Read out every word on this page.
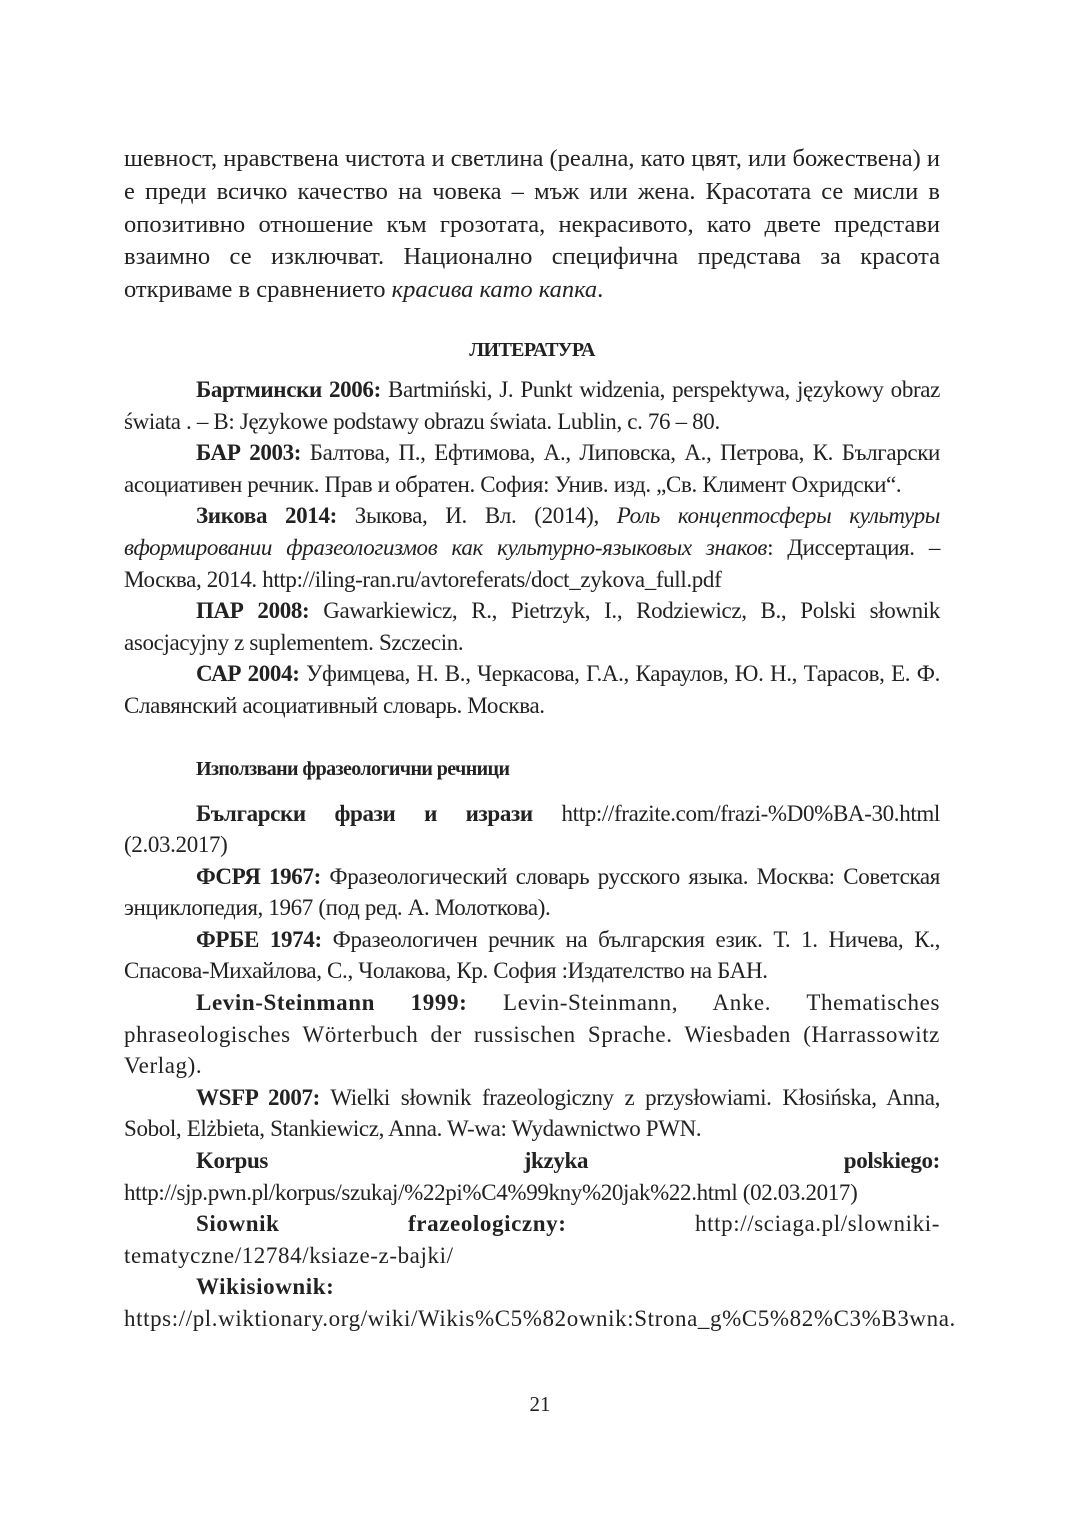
шевност, нравствена чистота и светлина (реална, като цвят, или божествена) и е преди всичко качество на човека – мъж или жена. Красотата се мисли в опозитивно отношение към грозотата, некрасивото, като двете представи взаимно се изключват. Национално специфична представа за красота откриваме в сравнението красива като капка.

ЛИТЕРАТУРА

Бартмински 2006: Bartmiński, J. Punkt widzenia, perspektywa, językowy obraz świata . – В: Językowe podstawy obrazu świata. Lublin, с. 76 – 80.

БАР 2003: Балтова, П., Ефтимова, А., Липовска, А., Петрова, К. Български асоциативен речник. Прав и обратен. София: Унив. изд. „Св. Климент Охридски“.

Зикова 2014: Зыкова, И. Вл. (2014), Роль концептосферы культуры вформировании фразеологизмов как культурно-языковых знаков: Диссертация. – Москва, 2014. http://iling-ran.ru/avtoreferats/doct_zykova_full.pdf

ПАР 2008: Gawarkiewicz, R., Pietrzyk, I., Rodziewicz, B., Polski słownik asocjacyjny z suplementem. Szczecin.

САР 2004: Уфимцева, Н. В., Черкасова, Г.А., Караулов, Ю. Н., Тарасов, Е. Ф. Славянский асоциативный словарь. Москва.

Използвани фразеологични речници

Български фрази и изрази http://frazite.com/frazi-%D0%BA-30.html (2.03.2017)

ФСРЯ 1967: Фразеологический словарь русского языка. Москва: Советская энциклопедия, 1967 (под ред. А. Молоткова).

ФРБЕ 1974: Фразеологичен речник на българския език. Т. 1. Ничева, К., Спасова-Михайлова, С., Чолакова, Кр. София :Издателство на БАН.

Levin-Steinmann 1999: Levin-Steinmann, Anke. Thematisches phraseologisches Wörterbuch der russischen Sprache. Wiesbaden (Harrassowitz Verlag).

WSFP 2007: Wielki słownik frazeologiczny z przysłowiami. Kłosińska, Anna, Sobol, Elżbieta, Stankiewicz, Anna. W-wa: Wydawnictwo PWN.

Korpus jkzyka polskiego: http://sjp.pwn.pl/korpus/szukaj/%22pi%C4%99kny%20jak%22.html (02.03.2017)

Siownik frazeologiczny: http://sciaga.pl/slowniki-tematyczne/12784/ksiaze-z-bajki/

Wikisiownik: https://pl.wiktionary.org/wiki/Wikis%C5%82ownik:Strona_g%C5%82%C3%B3wna.

21
